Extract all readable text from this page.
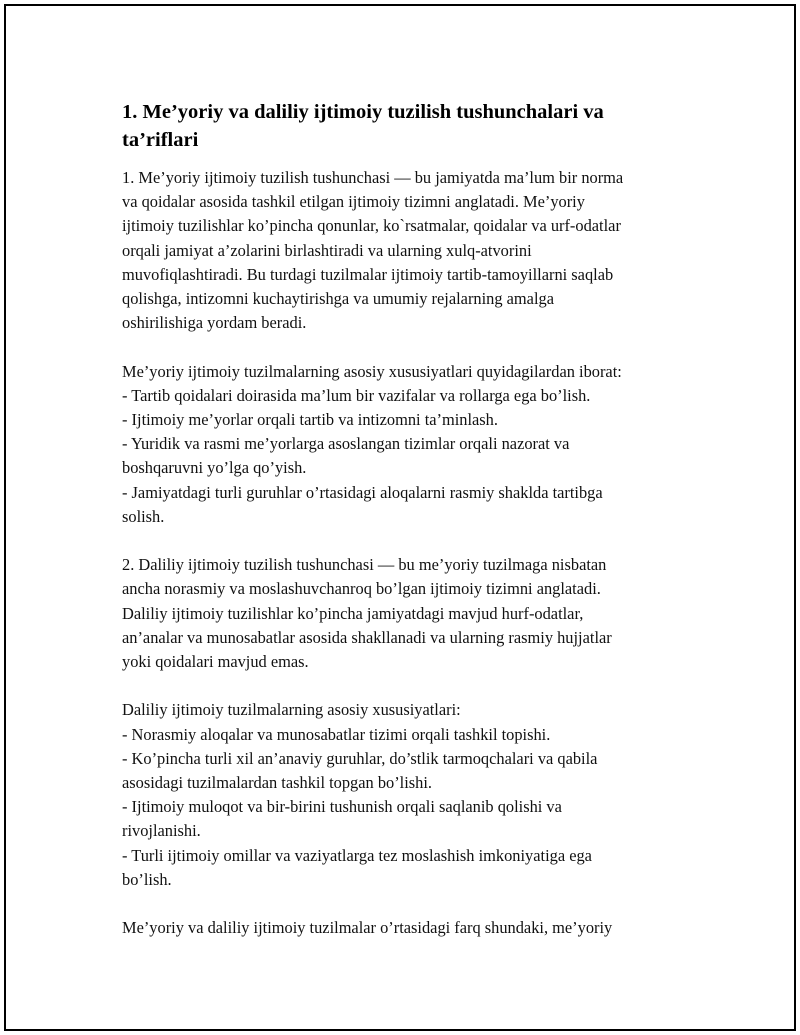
1. Me’yoriy va daliliy ijtimoiy tuzilish tushunchalari va
ta’riflari

1. Me’yoriy ijtimoiy tuzilish tushunchasi — bu jamiyatda ma’lum bir norma
va qoidalar asosida tashkil etilgan ijtimoiy tizimni anglatadi. Me’yoriy
ijtimoiy tuzilishlar ko’pincha qonunlar, ko`rsatmalar, qoidalar va urf-odatlar
orqali jamiyat a’zolarini birlashtiradi va ularning xulq-atvorini
muvofiqlashtiradi. Bu turdagi tuzilmalar ijtimoiy tartib-tamoyillarni saqlab
qolishga, intizomni kuchaytirishga va umumiy rejalarning amalga
oshirilishiga yordam beradi.

Me’yoriy ijtimoiy tuzilmalarning asosiy xususiyatlari quyidagilardan iborat:
- Tartib qoidalari doirasida ma’lum bir vazifalar va rollarga ega bo’lish.
- Ijtimoiy me’yorlar orqali tartib va intizomni ta’minlash.
- Yuridik va rasmi me’yorlarga asoslangan tizimlar orqali nazorat va
boshqaruvni yo’lga qo’yish.
- Jamiyatdagi turli guruhlar o’rtasidagi aloqalarni rasmiy shaklda tartibga
solish.

2. Daliliy ijtimoiy tuzilish tushunchasi — bu me’yoriy tuzilmaga nisbatan
ancha norasmiy va moslashuvchanroq bo’lgan ijtimoiy tizimni anglatadi.
Daliliy ijtimoiy tuzilishlar ko’pincha jamiyatdagi mavjud hurf-odatlar,
an’analar va munosabatlar asosida shakllanadi va ularning rasmiy hujjatlar
yoki qoidalari mavjud emas.

Daliliy ijtimoiy tuzilmalarning asosiy xususiyatlari:
- Norasmiy aloqalar va munosabatlar tizimi orqali tashkil topishi.
- Ko’pincha turli xil an’anaviy guruhlar, do’stlik tarmoqchalari va qabila
asosidagi tuzilmalardan tashkil topgan bo’lishi.
- Ijtimoiy muloqot va bir-birini tushunish orqali saqlanib qolishi va
rivojlanishi.
- Turli ijtimoiy omillar va vaziyatlarga tez moslashish imkoniyatiga ega
bo’lish.

Me’yoriy va daliliy ijtimoiy tuzilmalar o’rtasidagi farq shundaki, me’yoriy
